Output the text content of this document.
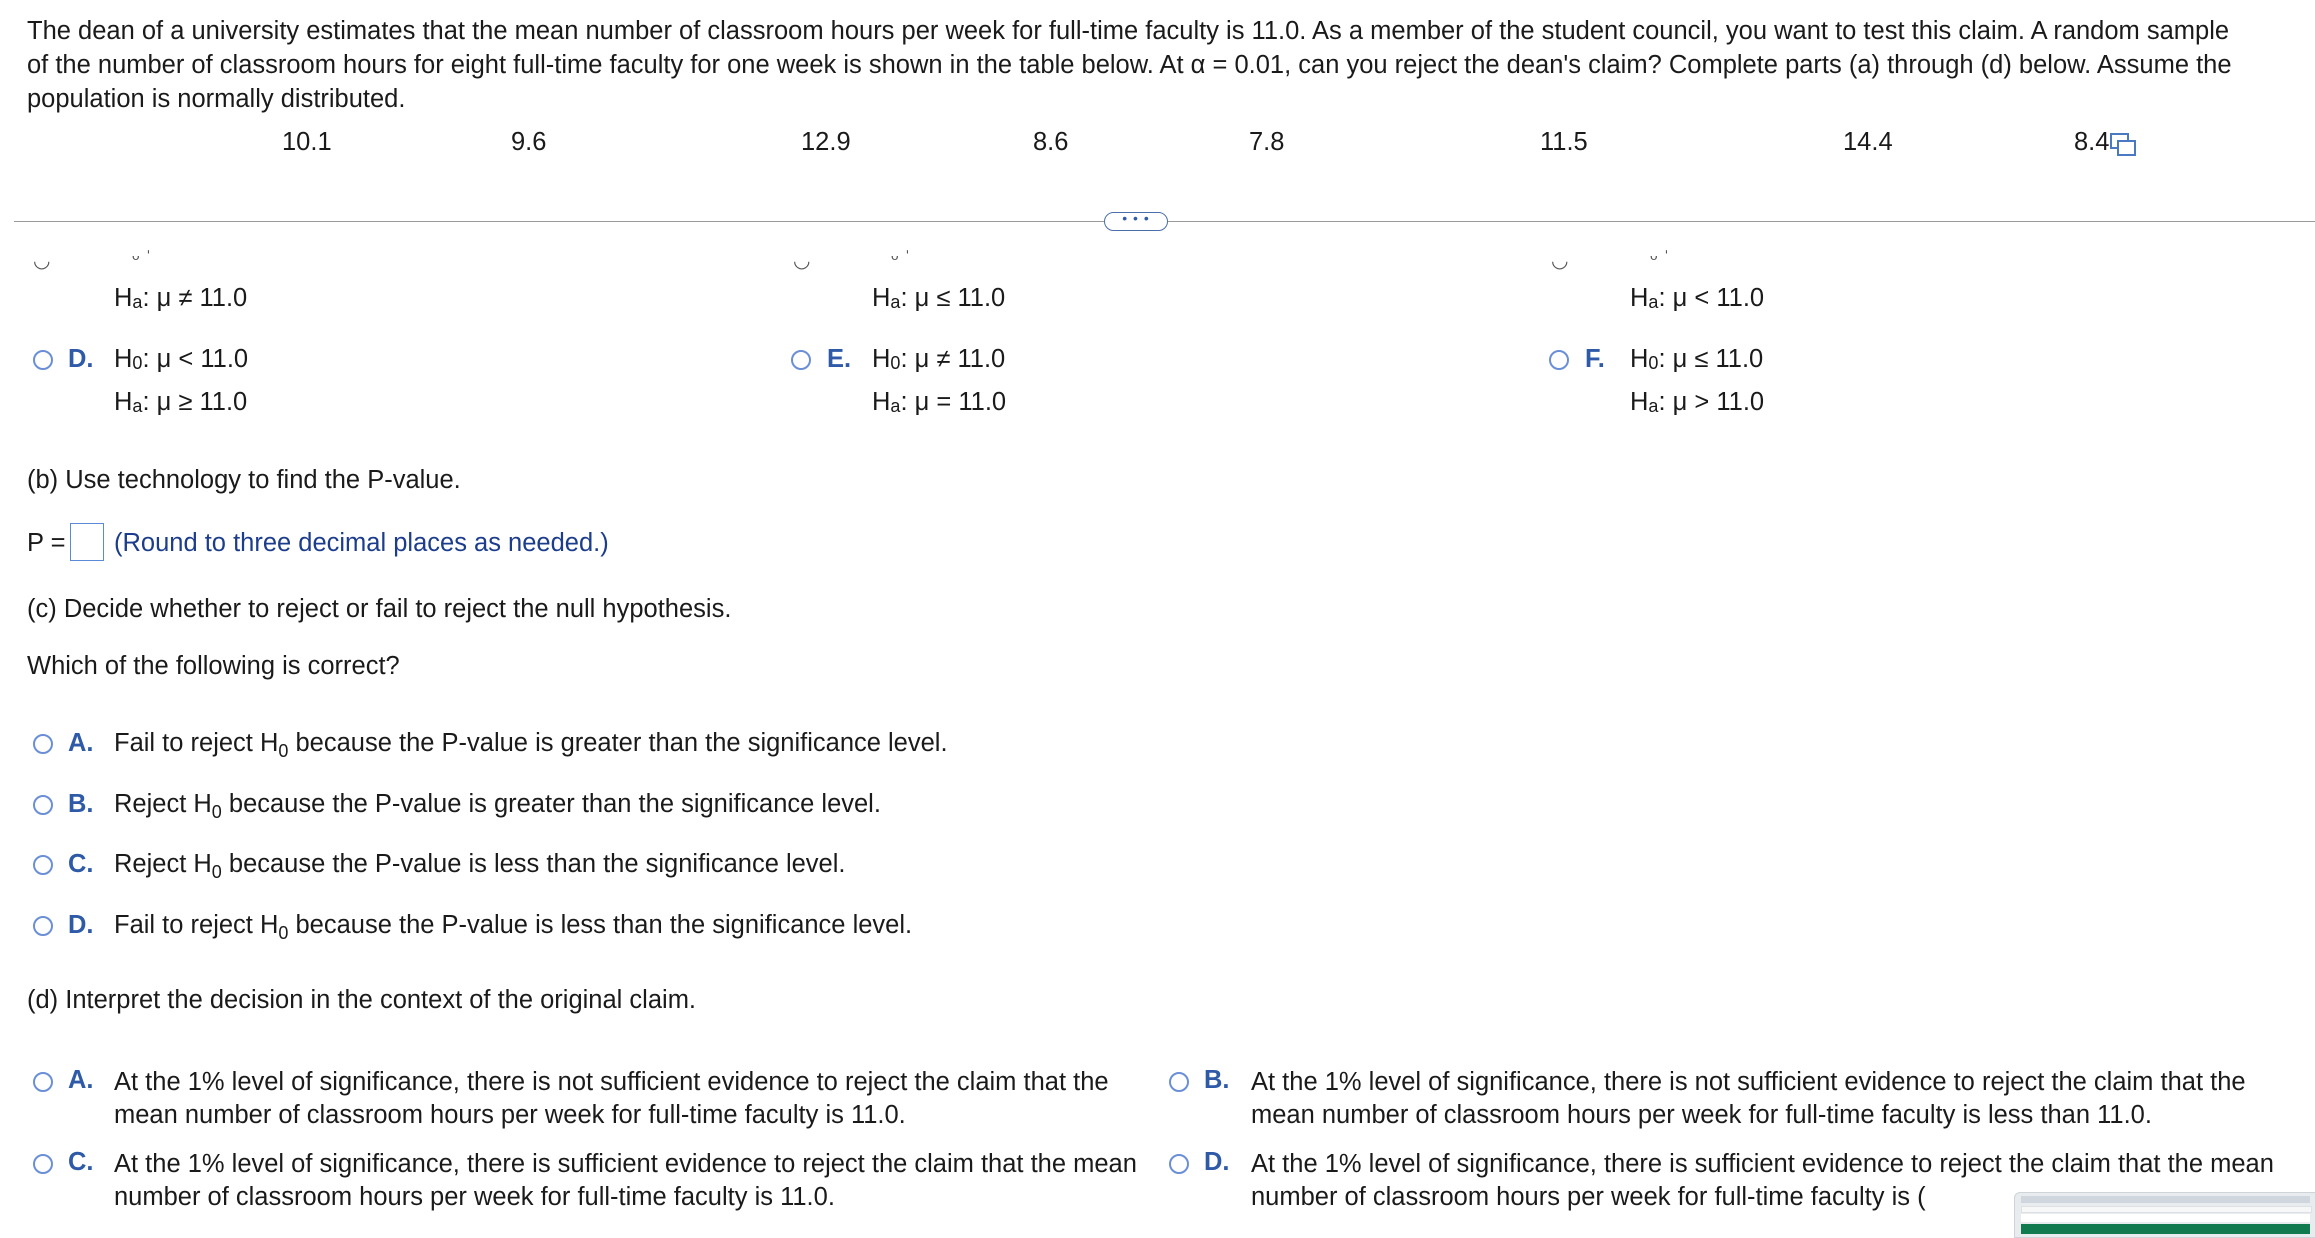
The dean of a university estimates that the mean number of classroom hours per week for full-time faculty is 11.0. As a member of the student council, you want to test this claim. A random sample
of the number of classroom hours for eight full-time faculty for one week is shown in the table below. At α = 0.01, can you reject the dean's claim? Complete parts (a) through (d) below. Assume the
population is normally distributed.
10.1	9.6	12.9	8.6	7.8	11.5	14.4	8.4
• • •
◡	ᵕ ˈ	◡	ᵕ ˈ	◡	ᵕ ˈ
$H_a$: μ ≠ 11.0	$H_a$: μ ≤ 11.0	$H_a$: μ < 11.0
D. $H_0$: μ < 11.0
$H_a$: μ ≥ 11.0
E. $H_0$: μ ≠ 11.0
$H_a$: μ = 11.0
F. $H_0$: μ ≤ 11.0
$H_a$: μ > 11.0
(b) Use technology to find the P-value.
P = (Round to three decimal places as needed.)
(c) Decide whether to reject or fail to reject the null hypothesis.
Which of the following is correct?
A. Fail to reject $H_0$ because the P-value is greater than the significance level.
B. Reject $H_0$ because the P-value is greater than the significance level.
C. Reject $H_0$ because the P-value is less than the significance level.
D. Fail to reject $H_0$ because the P-value is less than the significance level.
(d) Interpret the decision in the context of the original claim.
A. At the 1% level of significance, there is not sufficient evidence to reject the claim that the mean number of classroom hours per week for full-time faculty is 11.0.
B. At the 1% level of significance, there is not sufficient evidence to reject the claim that the mean number of classroom hours per week for full-time faculty is less than 11.0.
C. At the 1% level of significance, there is sufficient evidence to reject the claim that the mean number of classroom hours per week for full-time faculty is 11.0.
D. At the 1% level of significance, there is sufficient evidence to reject the claim that the mean number of classroom hours per week for full-time faculty is (
